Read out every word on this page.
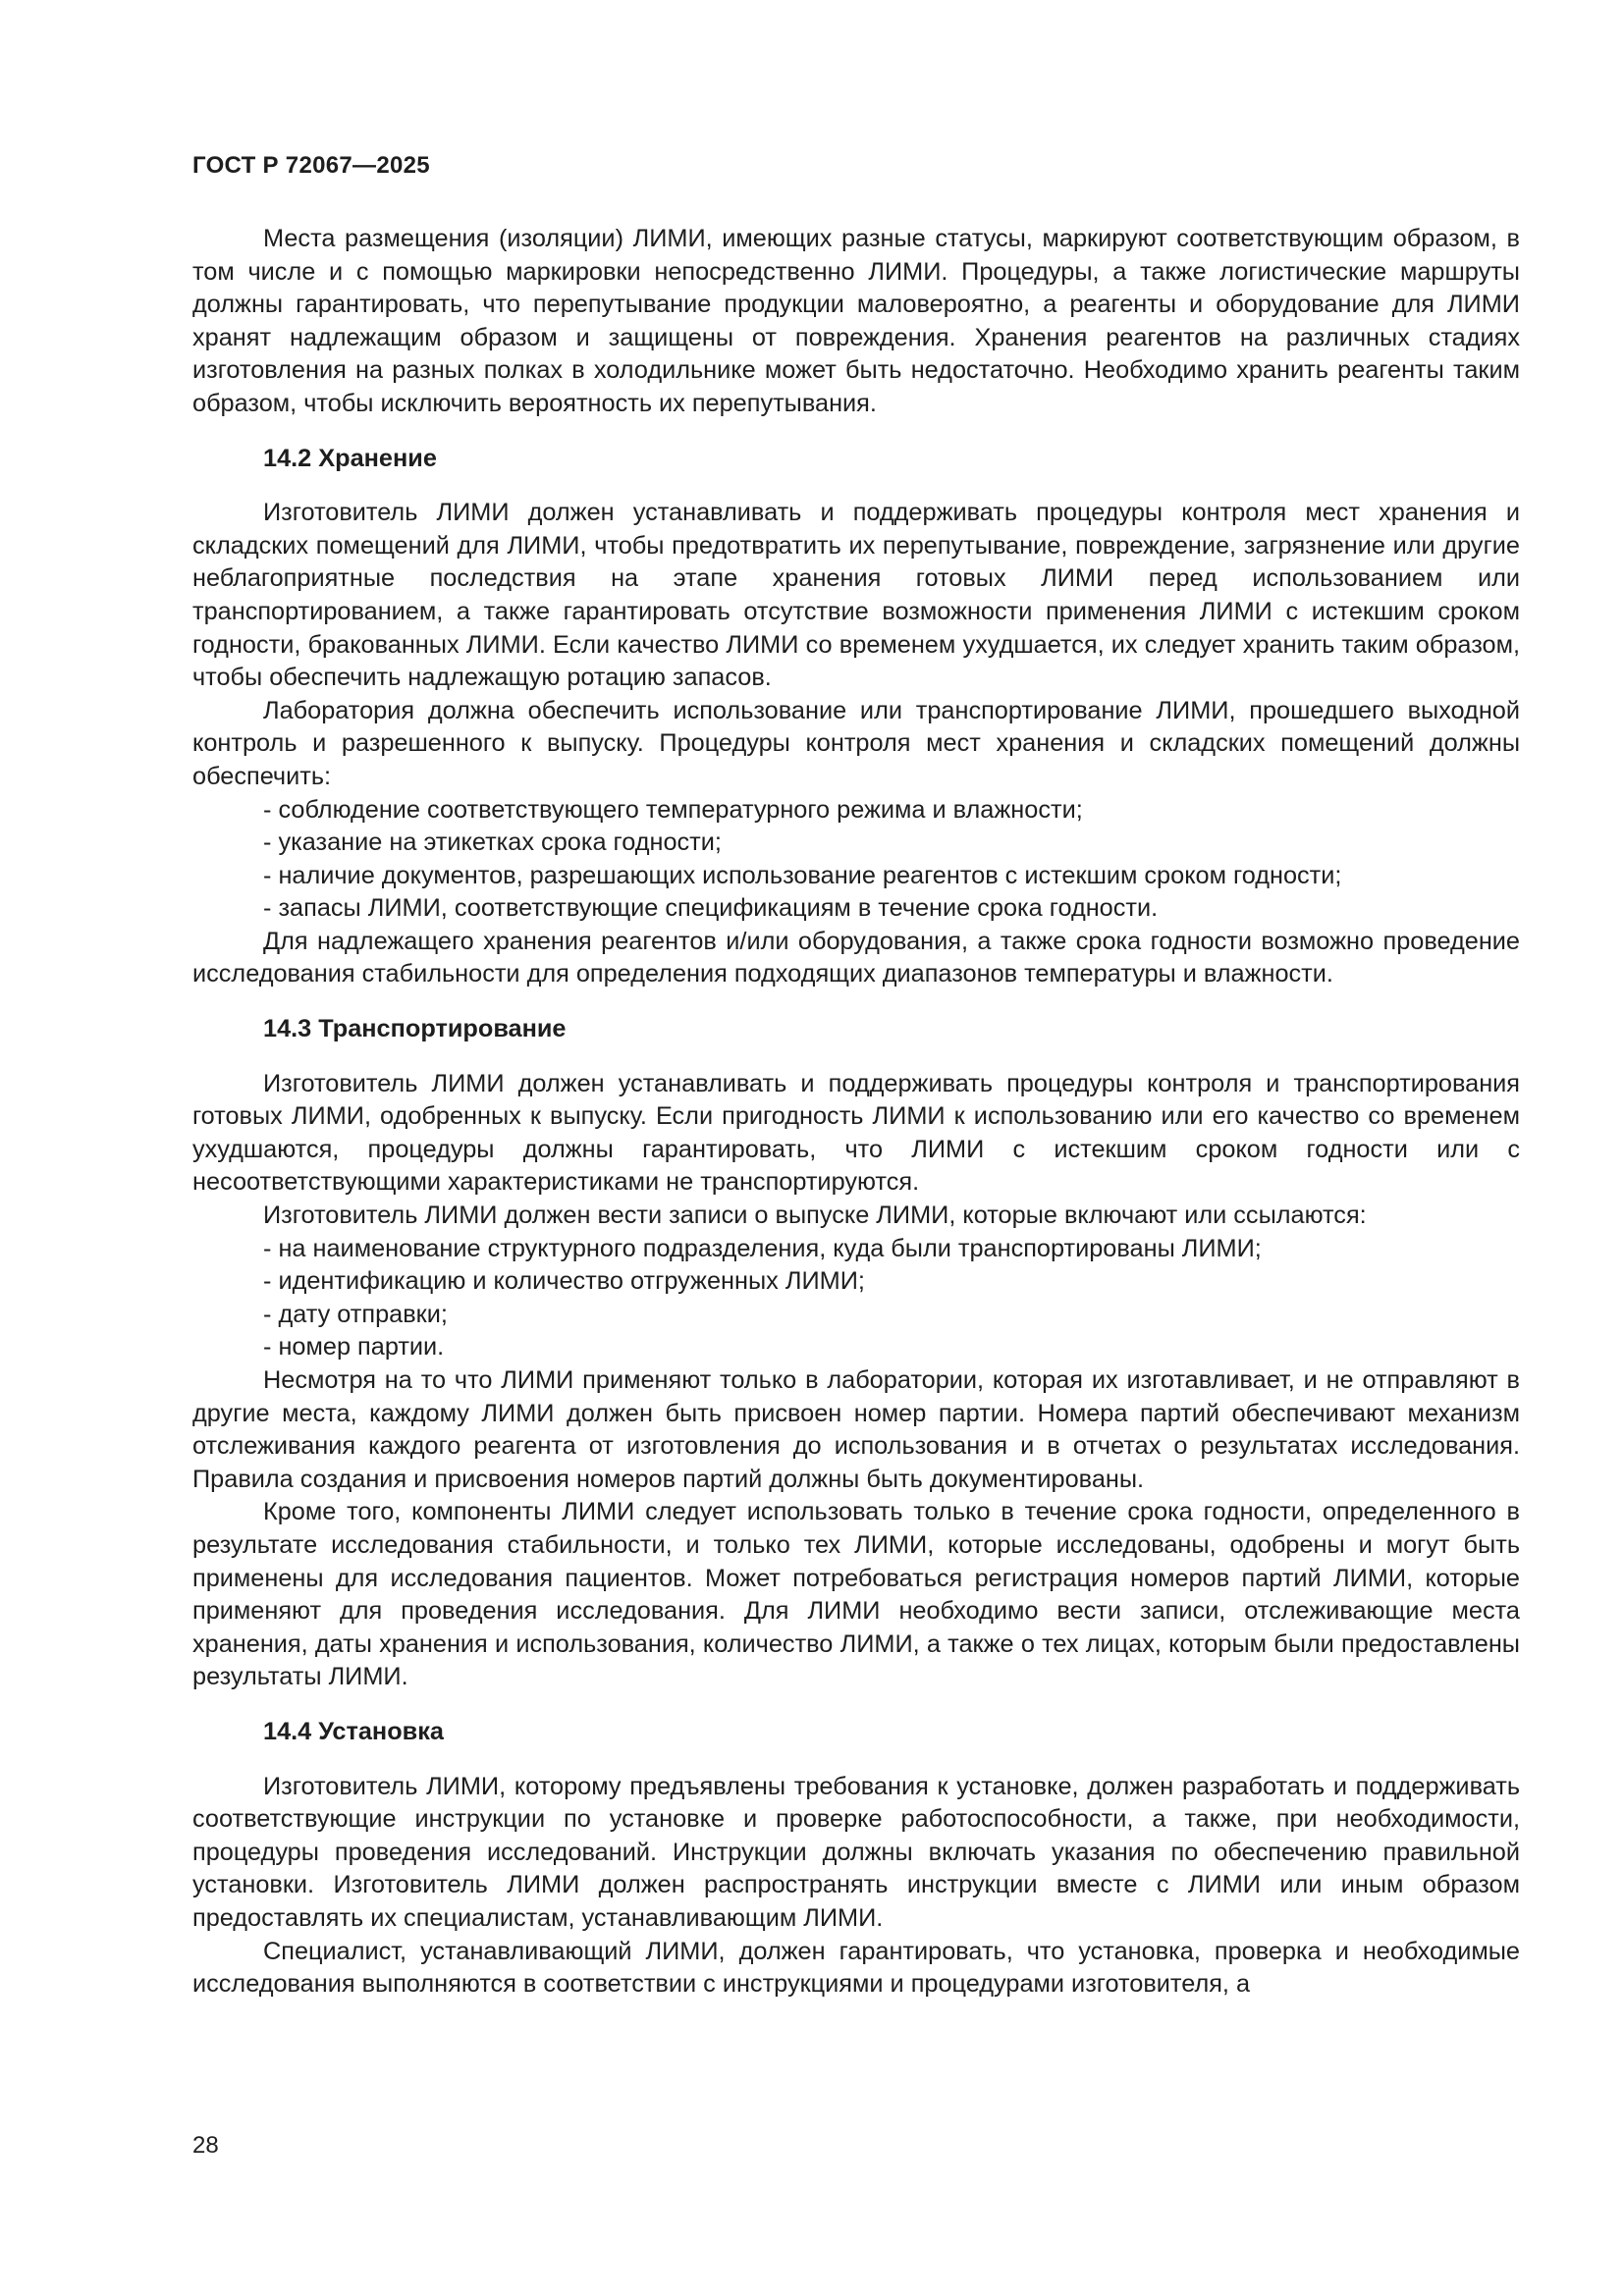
ГОСТ Р 72067—2025

Места размещения (изоляции) ЛИМИ, имеющих разные статусы, маркируют соответствующим образом, в том числе и с помощью маркировки непосредственно ЛИМИ. Процедуры, а также логистические маршруты должны гарантировать, что перепутывание продукции маловероятно, а реагенты и оборудование для ЛИМИ хранят надлежащим образом и защищены от повреждения. Хранения реагентов на различных стадиях изготовления на разных полках в холодильнике может быть недостаточно. Необходимо хранить реагенты таким образом, чтобы исключить вероятность их перепутывания.

14.2 Хранение

Изготовитель ЛИМИ должен устанавливать и поддерживать процедуры контроля мест хранения и складских помещений для ЛИМИ, чтобы предотвратить их перепутывание, повреждение, загрязнение или другие неблагоприятные последствия на этапе хранения готовых ЛИМИ перед использованием или транспортированием, а также гарантировать отсутствие возможности применения ЛИМИ с истекшим сроком годности, бракованных ЛИМИ. Если качество ЛИМИ со временем ухудшается, их следует хранить таким образом, чтобы обеспечить надлежащую ротацию запасов.

Лаборатория должна обеспечить использование или транспортирование ЛИМИ, прошедшего выходной контроль и разрешенного к выпуску. Процедуры контроля мест хранения и складских помещений должны обеспечить:

- соблюдение соответствующего температурного режима и влажности;

- указание на этикетках срока годности;

- наличие документов, разрешающих использование реагентов с истекшим сроком годности;

- запасы ЛИМИ, соответствующие спецификациям в течение срока годности.

Для надлежащего хранения реагентов и/или оборудования, а также срока годности возможно проведение исследования стабильности для определения подходящих диапазонов температуры и влажности.

14.3 Транспортирование

Изготовитель ЛИМИ должен устанавливать и поддерживать процедуры контроля и транспортирования готовых ЛИМИ, одобренных к выпуску. Если пригодность ЛИМИ к использованию или его качество со временем ухудшаются, процедуры должны гарантировать, что ЛИМИ с истекшим сроком годности или с несоответствующими характеристиками не транспортируются.

Изготовитель ЛИМИ должен вести записи о выпуске ЛИМИ, которые включают или ссылаются:

- на наименование структурного подразделения, куда были транспортированы ЛИМИ;

- идентификацию и количество отгруженных ЛИМИ;

- дату отправки;

- номер партии.

Несмотря на то что ЛИМИ применяют только в лаборатории, которая их изготавливает, и не отправляют в другие места, каждому ЛИМИ должен быть присвоен номер партии. Номера партий обеспечивают механизм отслеживания каждого реагента от изготовления до использования и в отчетах о результатах исследования. Правила создания и присвоения номеров партий должны быть документированы.

Кроме того, компоненты ЛИМИ следует использовать только в течение срока годности, определенного в результате исследования стабильности, и только тех ЛИМИ, которые исследованы, одобрены и могут быть применены для исследования пациентов. Может потребоваться регистрация номеров партий ЛИМИ, которые применяют для проведения исследования. Для ЛИМИ необходимо вести записи, отслеживающие места хранения, даты хранения и использования, количество ЛИМИ, а также о тех лицах, которым были предоставлены результаты ЛИМИ.

14.4 Установка

Изготовитель ЛИМИ, которому предъявлены требования к установке, должен разработать и поддерживать соответствующие инструкции по установке и проверке работоспособности, а также, при необходимости, процедуры проведения исследований. Инструкции должны включать указания по обеспечению правильной установки. Изготовитель ЛИМИ должен распространять инструкции вместе с ЛИМИ или иным образом предоставлять их специалистам, устанавливающим ЛИМИ.

Специалист, устанавливающий ЛИМИ, должен гарантировать, что установка, проверка и необходимые исследования выполняются в соответствии с инструкциями и процедурами изготовителя, а

28
